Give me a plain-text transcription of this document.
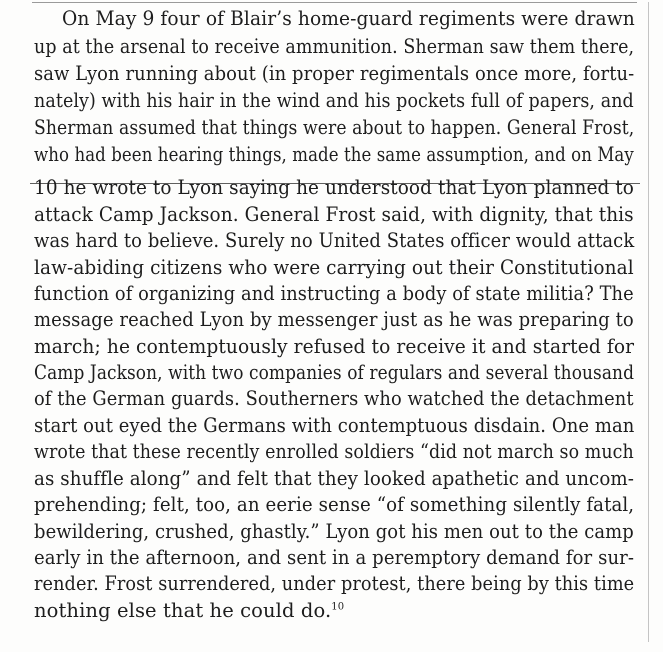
On May 9 four of Blair’s home-guard regiments were drawn
up at the arsenal to receive ammunition. Sherman saw them there,
saw Lyon running about (in proper regimentals once more, fortu-
nately) with his hair in the wind and his pockets full of papers, and
Sherman assumed that things were about to happen. General Frost,
who had been hearing things, made the same assumption, and on May
10 he wrote to Lyon saying he understood that Lyon planned to
attack Camp Jackson. General Frost said, with dignity, that this
was hard to believe. Surely no United States officer would attack
law-abiding citizens who were carrying out their Constitutional
function of organizing and instructing a body of state militia? The
message reached Lyon by messenger just as he was preparing to
march; he contemptuously refused to receive it and started for
Camp Jackson, with two companies of regulars and several thousand
of the German guards. Southerners who watched the detachment
start out eyed the Germans with contemptuous disdain. One man
wrote that these recently enrolled soldiers “did not march so much
as shuffle along” and felt that they looked apathetic and uncom-
prehending; felt, too, an eerie sense “of something silently fatal,
bewildering, crushed, ghastly.” Lyon got his men out to the camp
early in the afternoon, and sent in a peremptory demand for sur-
render. Frost surrendered, under protest, there being by this time
nothing else that he could do.$^{10}$
